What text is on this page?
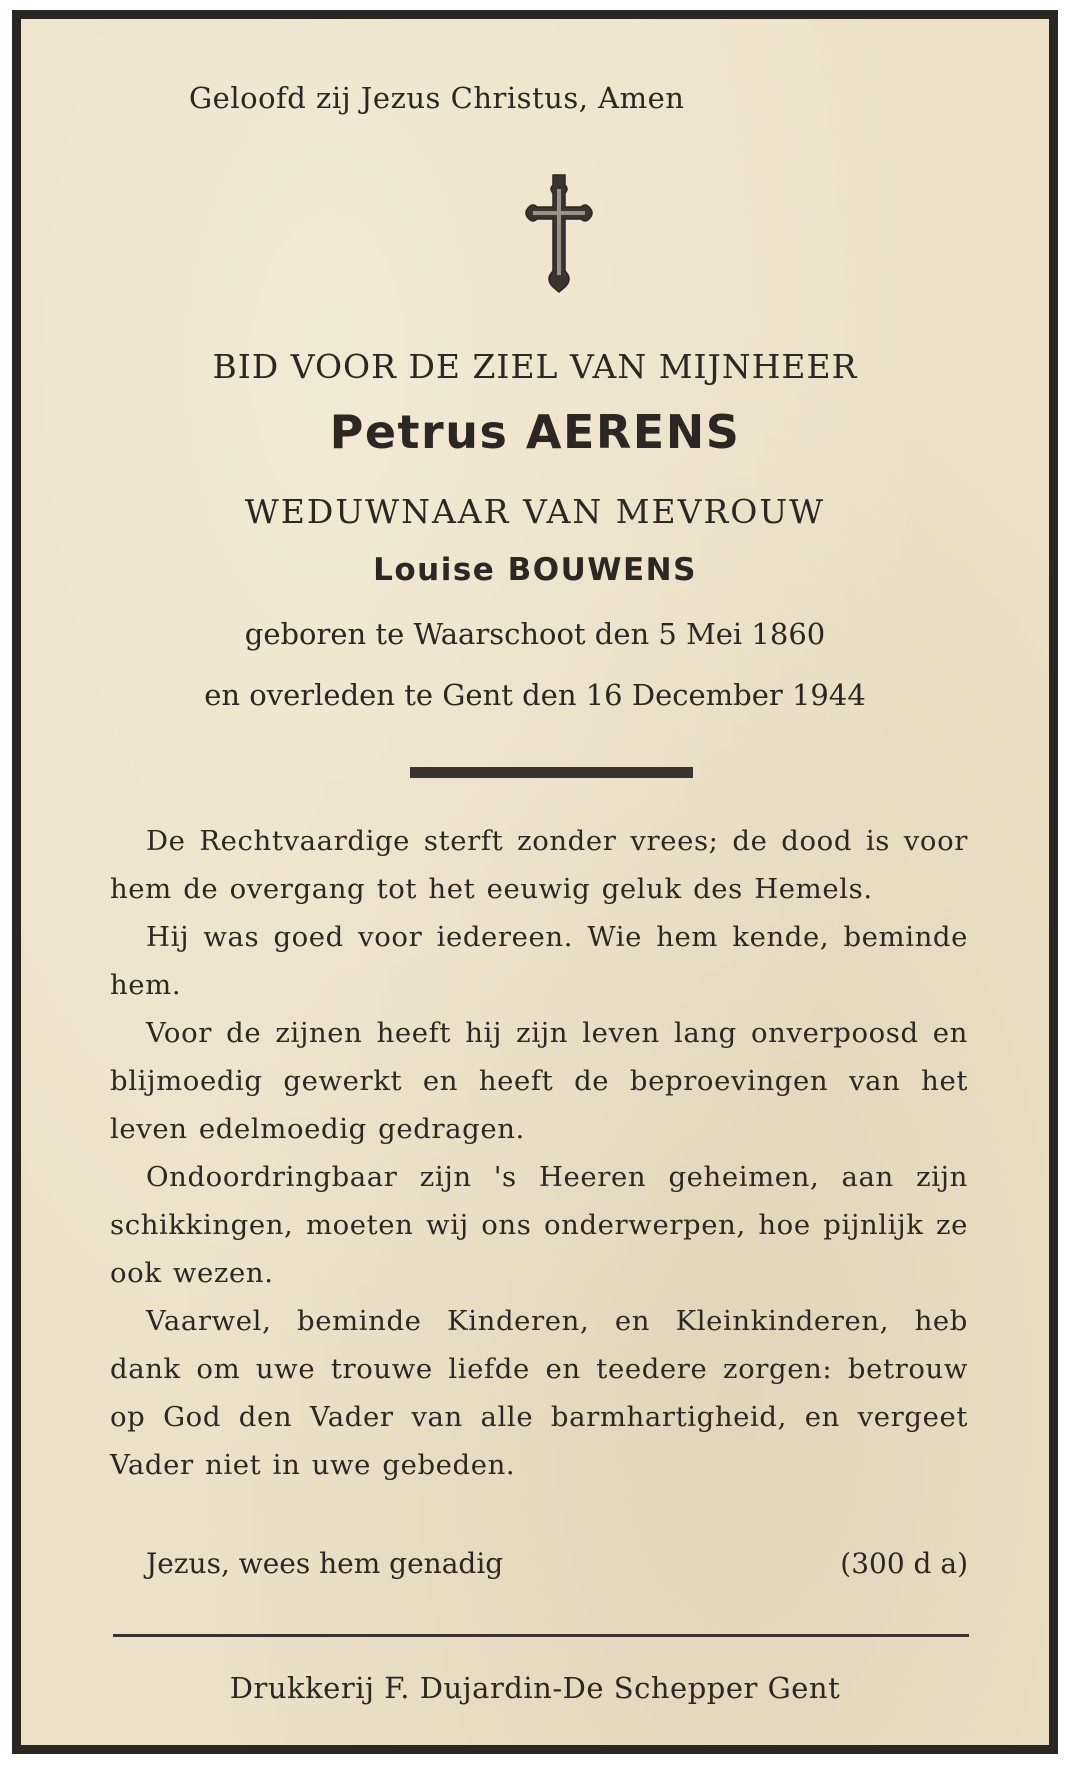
Geloofd zij Jezus Christus, Amen
BID VOOR DE ZIEL VAN MIJNHEER
Petrus AERENS
WEDUWNAAR VAN MEVROUW
Louise BOUWENS
geboren te Waarschoot den 5 Mei 1860
en overleden te Gent den 16 December 1944

De Rechtvaardige sterft zonder vrees; de dood is voor hem de overgang tot het eeuwig geluk des Hemels.

Hij was goed voor iedereen. Wie hem kende, beminde hem.

Voor de zijnen heeft hij zijn leven lang onverpoosd en blijmoedig gewerkt en heeft de beproevingen van het leven edelmoedig gedragen.

Ondoordringbaar zijn 's Heeren geheimen, aan zijn schikkingen, moeten wij ons onderwerpen, hoe pijnlijk ze ook wezen.

Vaarwel, beminde Kinderen, en Kleinkinderen, heb dank om uwe trouwe liefde en teedere zorgen: betrouw op God den Vader van alle barmhartigheid, en vergeet Vader niet in uwe gebeden.

Jezus, wees hem genadig	(300 d a)
Drukkerij F. Dujardin-De Schepper Gent
